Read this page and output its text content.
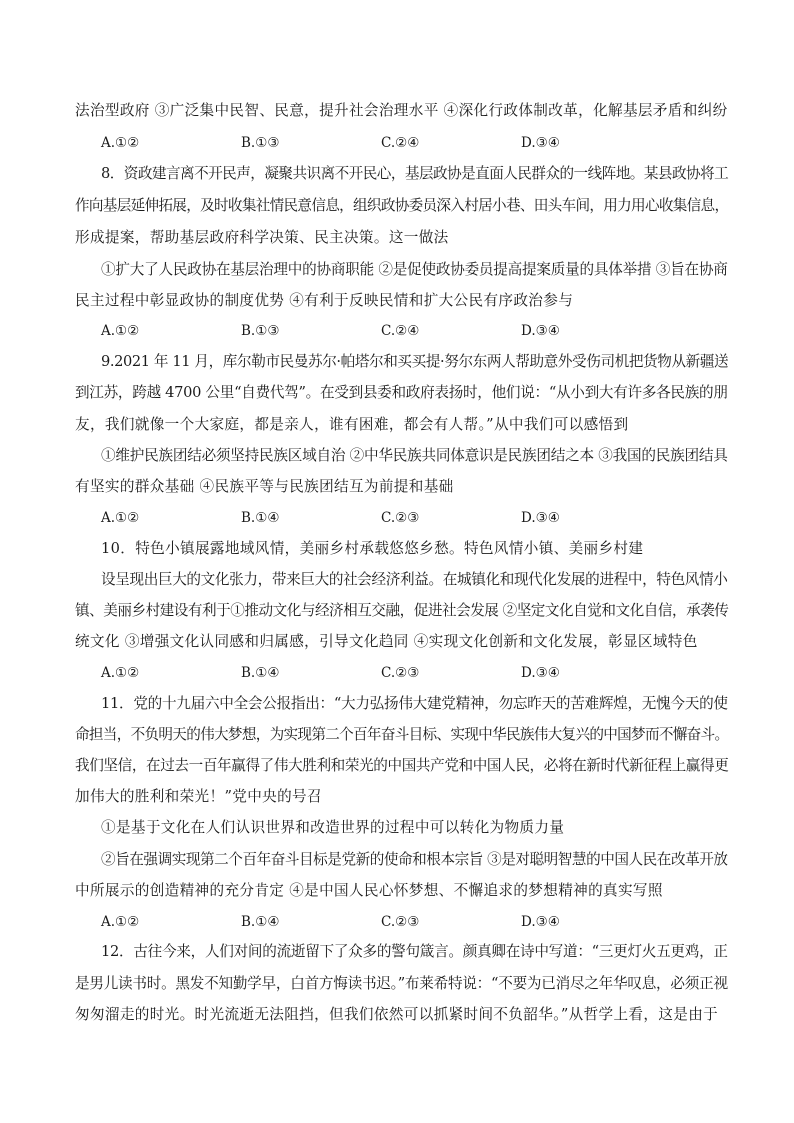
法治型政府 ③广泛集中民智、民意，提升社会治理水平 ④深化行政体制改革，化解基层矛盾和纠纷

A.①②	B.①③	C.②④	D.③④

8．资政建言离不开民声，凝聚共识离不开民心，基层政协是直面人民群众的一线阵地。某县政协将工

作向基层延伸拓展，及时收集社情民意信息，组织政协委员深入村居小巷、田头车间，用力用心收集信息，

形成提案，帮助基层政府科学决策、民主决策。这一做法

①扩大了人民政协在基层治理中的协商职能 ②是促使政协委员提高提案质量的具体举措 ③旨在协商

民主过程中彰显政协的制度优势 ④有利于反映民情和扩大公民有序政治参与

A.①②	B.①③	C.②④	D.③④

9.2021 年 11 月，库尔勒市民曼苏尔·帕塔尔和买买提·努尔东两人帮助意外受伤司机把货物从新疆送

到江苏，跨越 4700 公里“自费代驾”。在受到县委和政府表扬时，他们说：“从小到大有许多各民族的朋

友，我们就像一个大家庭，都是亲人，谁有困难，都会有人帮。”从中我们可以感悟到

①维护民族团结必须坚持民族区域自治 ②中华民族共同体意识是民族团结之本 ③我国的民族团结具

有坚实的群众基础 ④民族平等与民族团结互为前提和基础

A.①②	B.①④	C.②③	D.③④

10．特色小镇展露地域风情，美丽乡村承载悠悠乡愁。特色风情小镇、美丽乡村建

设呈现出巨大的文化张力，带来巨大的社会经济利益。在城镇化和现代化发展的进程中，特色风情小

镇、美丽乡村建设有利于①推动文化与经济相互交融，促进社会发展 ②坚定文化自觉和文化自信，承袭传

统文化 ③增强文化认同感和归属感，引导文化趋同 ④实现文化创新和文化发展，彰显区域特色

A.①②	B.①④	C.②③	D.③④

11．党的十九届六中全会公报指出：“大力弘扬伟大建党精神，勿忘昨天的苦难辉煌，无愧今天的使

命担当，不负明天的伟大梦想，为实现第二个百年奋斗目标、实现中华民族伟大复兴的中国梦而不懈奋斗。

我们坚信，在过去一百年赢得了伟大胜利和荣光的中国共产党和中国人民，必将在新时代新征程上赢得更

加伟大的胜利和荣光！”党中央的号召

①是基于文化在人们认识世界和改造世界的过程中可以转化为物质力量

②旨在强调实现第二个百年奋斗目标是党新的使命和根本宗旨 ③是对聪明智慧的中国人民在改革开放

中所展示的创造精神的充分肯定 ④是中国人民心怀梦想、不懈追求的梦想精神的真实写照

A.①②	B.①④	C.②③	D.③④

12．古往今来，人们对间的流逝留下了众多的警句箴言。颜真卿在诗中写道：“三更灯火五更鸡，正

是男儿读书时。黑发不知勤学早，白首方悔读书迟。”布莱希特说：“不要为已消尽之年华叹息，必须正视

匆匆溜走的时光。时光流逝无法阻挡，但我们依然可以抓紧时间不负韶华。”从哲学上看，这是由于
